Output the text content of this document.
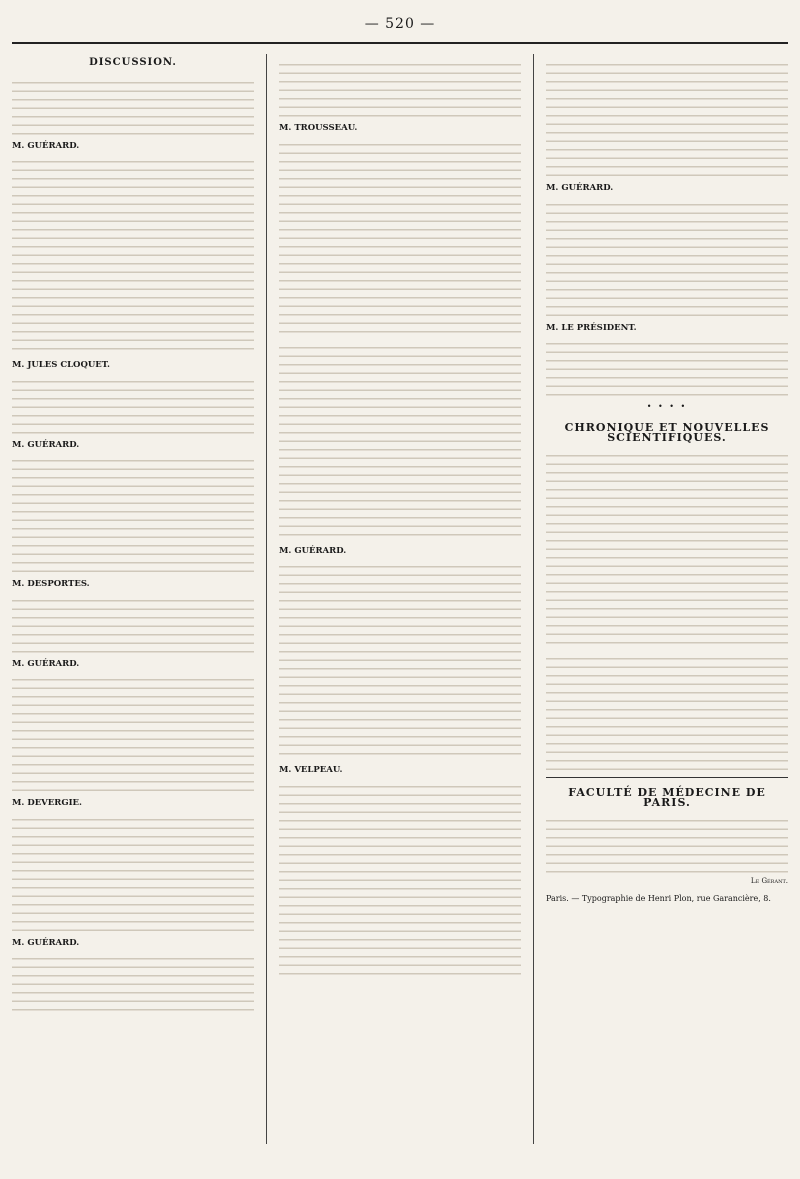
— 520 —
DISCUSSION.
M. GUÉRARD.
M. JULES CLOQUET.
M. GUÉRARD.
M. DESPORTES.
M. GUÉRARD.
M. DEVERGIE.
M. GUÉRARD.
M. TROUSSEAU.
M. GUÉRARD.
M. VELPEAU.
M. GUÉRARD.
M. LE PRÉSIDENT.
• • • •
CHRONIQUE ET NOUVELLES SCIENTIFIQUES.
FACULTÉ DE MÉDECINE DE PARIS.
Le Gérant.
Paris. — Typographie de Henri Plon, rue Garancière, 8.
